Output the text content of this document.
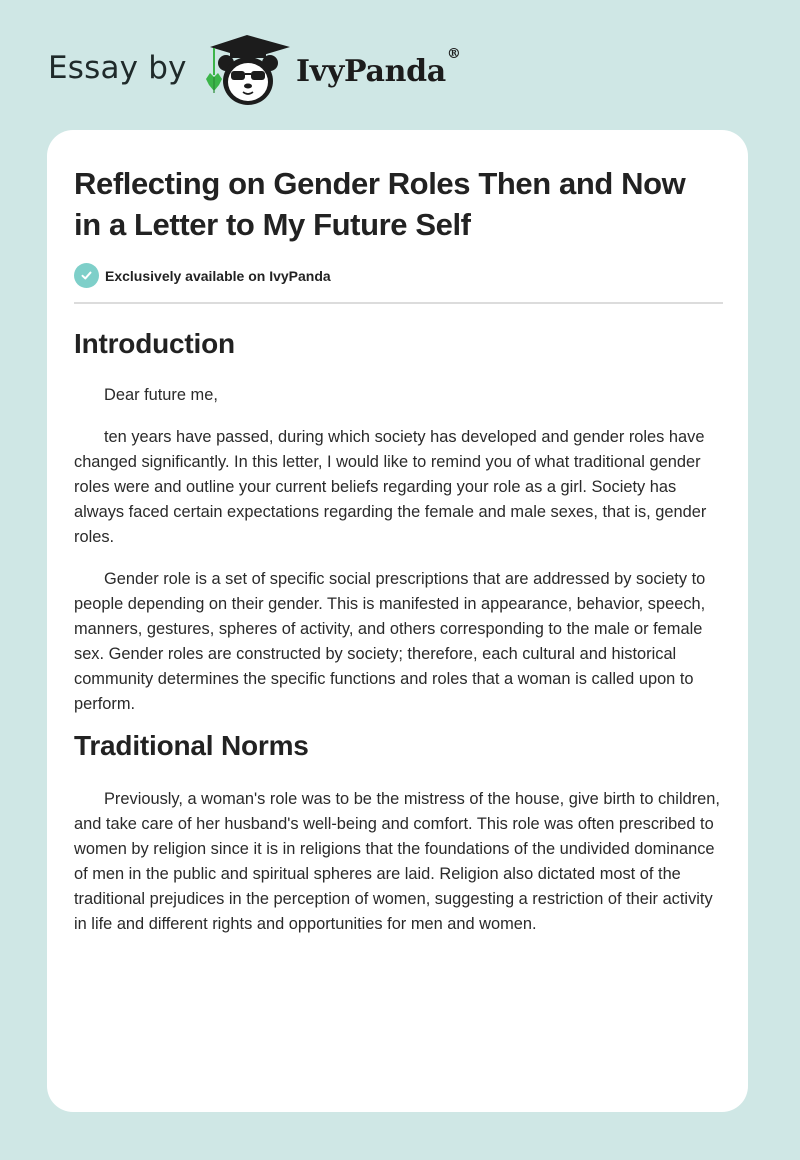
Essay by	IvyPanda®
Reflecting on Gender Roles Then and Now in a Letter to My Future Self
Exclusively available on IvyPanda
Introduction

Dear future me,

ten years have passed, during which society has developed and gender roles have changed significantly. In this letter, I would like to remind you of what traditional gender roles were and outline your current beliefs regarding your role as a girl. Society has always faced certain expectations regarding the female and male sexes, that is, gender roles.

Gender role is a set of specific social prescriptions that are addressed by society to people depending on their gender. This is manifested in appearance, behavior, speech, manners, gestures, spheres of activity, and others corresponding to the male or female sex. Gender roles are constructed by society; therefore, each cultural and historical community determines the specific functions and roles that a woman is called upon to perform.

Traditional Norms

Previously, a woman's role was to be the mistress of the house, give birth to children, and take care of her husband's well-being and comfort. This role was often prescribed to women by religion since it is in religions that the foundations of the undivided dominance of men in the public and spiritual spheres are laid. Religion also dictated most of the traditional prejudices in the perception of women, suggesting a restriction of their activity in life and different rights and opportunities for men and women.
